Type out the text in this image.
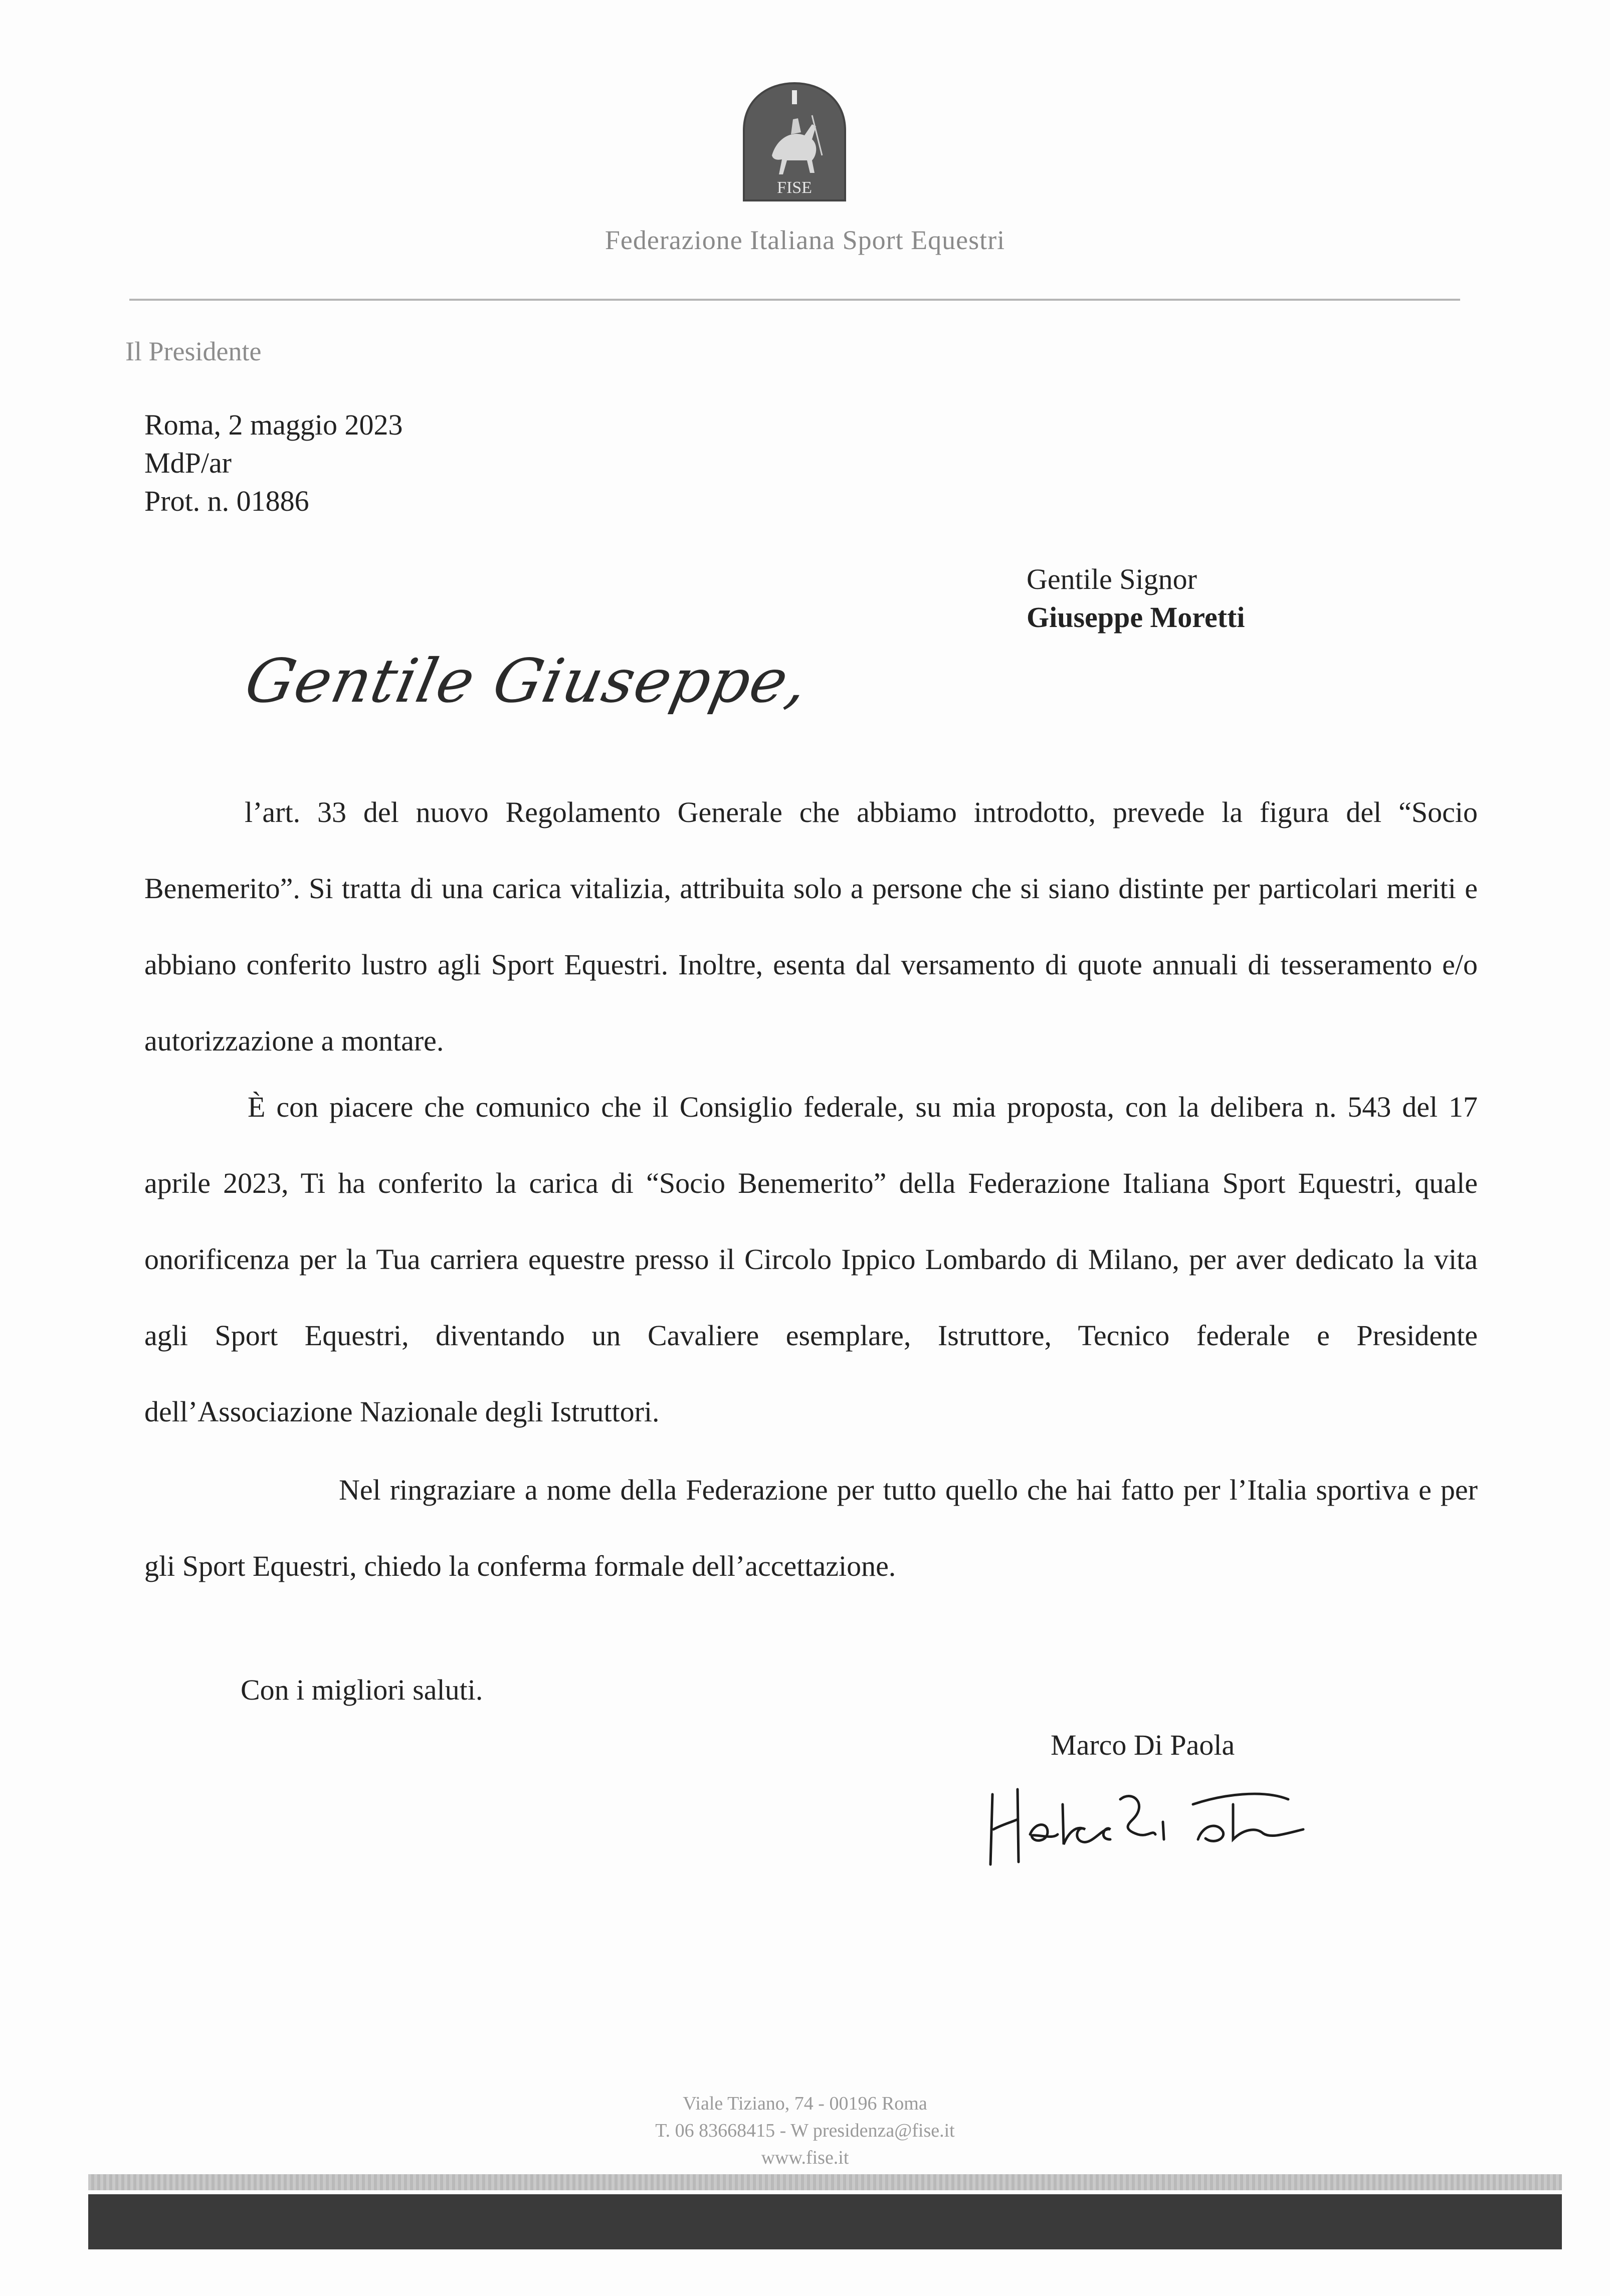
FISE
Federazione Italiana Sport Equestri
Il Presidente
Roma, 2 maggio 2023
MdP/ar
Prot. n. 01886
Gentile Signor
Giuseppe Moretti
Gentile Giuseppe,
l’art. 33 del nuovo Regolamento Generale che abbiamo introdotto, prevede la figura del “Socio Benemerito”. Si tratta di una carica vitalizia, attribuita solo a persone che si siano distinte per particolari meriti e abbiano conferito lustro agli Sport Equestri. Inoltre, esenta dal versamento di quote annuali di tesseramento e/o autorizzazione a montare.
È con piacere che comunico che il Consiglio federale, su mia proposta, con la delibera n. 543 del 17 aprile 2023, Ti ha conferito la carica di “Socio Benemerito” della Federazione Italiana Sport Equestri, quale onorificenza per la Tua carriera equestre presso il Circolo Ippico Lombardo di Milano, per aver dedicato la vita agli Sport Equestri, diventando un Cavaliere esemplare, Istruttore, Tecnico federale e Presidente dell’Associazione Nazionale degli Istruttori.
Nel ringraziare a nome della Federazione per tutto quello che hai fatto per l’Italia sportiva e per gli Sport Equestri, chiedo la conferma formale dell’accettazione.
Con i migliori saluti.
Marco Di Paola
Marco Di Paola
Viale Tiziano, 74 - 00196 Roma
T. 06 83668415 - W presidenza@fise.it
www.fise.it
